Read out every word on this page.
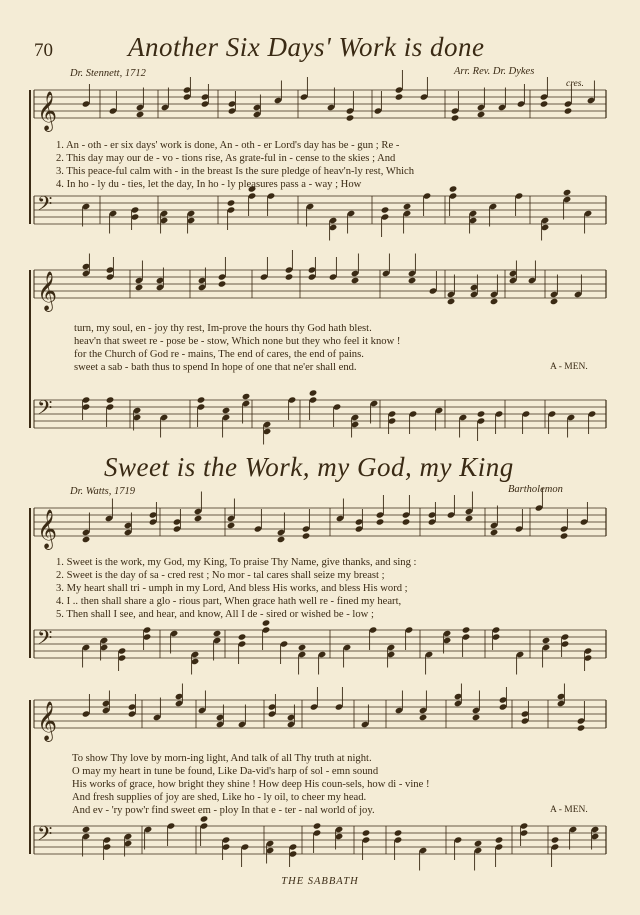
𝄞
𝄢
𝄞
𝄢
𝄞
𝄢
𝄞
𝄢
70	Another Six Days' Work is done
Dr. Stennett, 1712	Arr. Rev. Dr. Dykes
cres.
1. An - oth - er six days' work is done, An - oth - er Lord's day has be - gun ; Re -
2. This day may our de - vo - tions rise, As grate-ful in - cense to the skies ; And
3. This peace-ful calm with - in the breast Is the sure pledge of heav'n-ly rest, Which
4. In ho - ly du - ties, let the day, In ho - ly pleasures pass a - way ; How
turn, my soul, en - joy thy rest, Im-prove the hours thy God hath blest.
heav'n that sweet re - pose be - stow, Which none but they who feel it know !
for the Church of God re - mains, The end of cares, the end of pains.
sweet a sab - bath thus to spend In hope of one that ne'er shall end.	A - MEN.
Sweet is the Work, my God, my King
Dr. Watts, 1719	Bartholemon
1. Sweet is the work, my God, my King, To praise Thy Name, give thanks, and sing :
2. Sweet is the day of sa - cred rest ; No mor - tal cares shall seize my breast ;
3. My heart shall tri - umph in my Lord, And bless His works, and bless His word ;
4. I .. then shall share a glo - rious part, When grace hath well re - fined my heart,
5. Then shall I see, and hear, and know, All I de - sired or wished be - low ;
To show Thy love by morn-ing light, And talk of all Thy truth at night.
O may my heart in tune be found, Like Da-vid's harp of sol - emn sound
His works of grace, how bright they shine ! How deep His coun-sels, how di - vine !
And fresh supplies of joy are shed, Like ho - ly oil, to cheer my head.
And ev - 'ry pow'r find sweet em - ploy In that e - ter - nal world of joy.	A - MEN.
THE SABBATH
